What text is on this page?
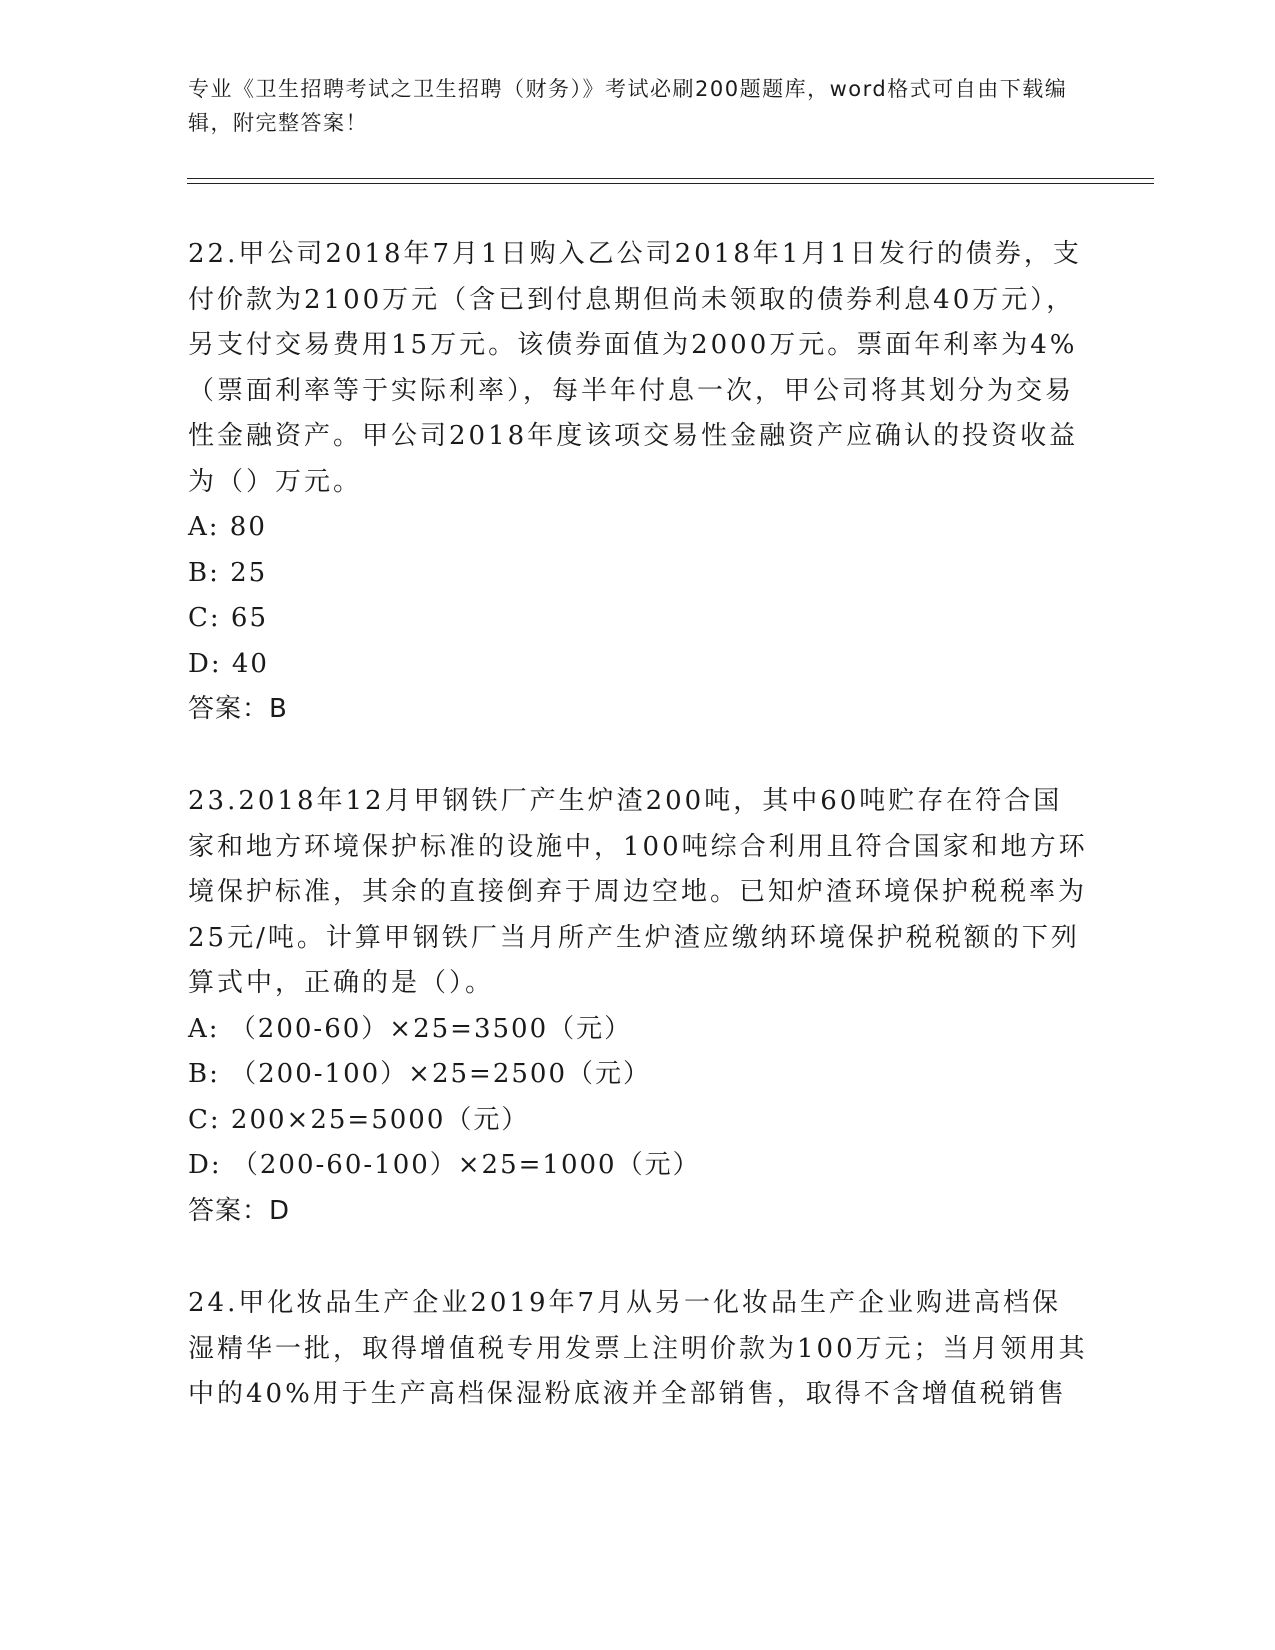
专业《卫生招聘考试之卫生招聘（财务）》考试必刷200题题库，word格式可自由下载编辑，附完整答案！

22.甲公司2018年7月1日购入乙公司2018年1月1日发行的债券，支付价款为2100万元（含已到付息期但尚未领取的债券利息40万元），另支付交易费用15万元。该债券面值为2000万元。票面年利率为4%（票面利率等于实际利率），每半年付息一次，甲公司将其划分为交易性金融资产。甲公司2018年度该项交易性金融资产应确认的投资收益为（）万元。

A: 80

B: 25

C: 65

D: 40

答案：B

23.2018年12月甲钢铁厂产生炉渣200吨，其中60吨贮存在符合国家和地方环境保护标准的设施中，100吨综合利用且符合国家和地方环境保护标准，其余的直接倒弃于周边空地。已知炉渣环境保护税税率为25元/吨。计算甲钢铁厂当月所产生炉渣应缴纳环境保护税税额的下列算式中，正确的是（）。

A: （200-60）×25=3500（元）

B: （200-100）×25=2500（元）

C: 200×25=5000（元）

D: （200-60-100）×25=1000（元）

答案：D

24.甲化妆品生产企业2019年7月从另一化妆品生产企业购进高档保湿精华一批，取得增值税专用发票上注明价款为100万元；当月领用其中的40%用于生产高档保湿粉底液并全部销售，取得不含增值税销售
